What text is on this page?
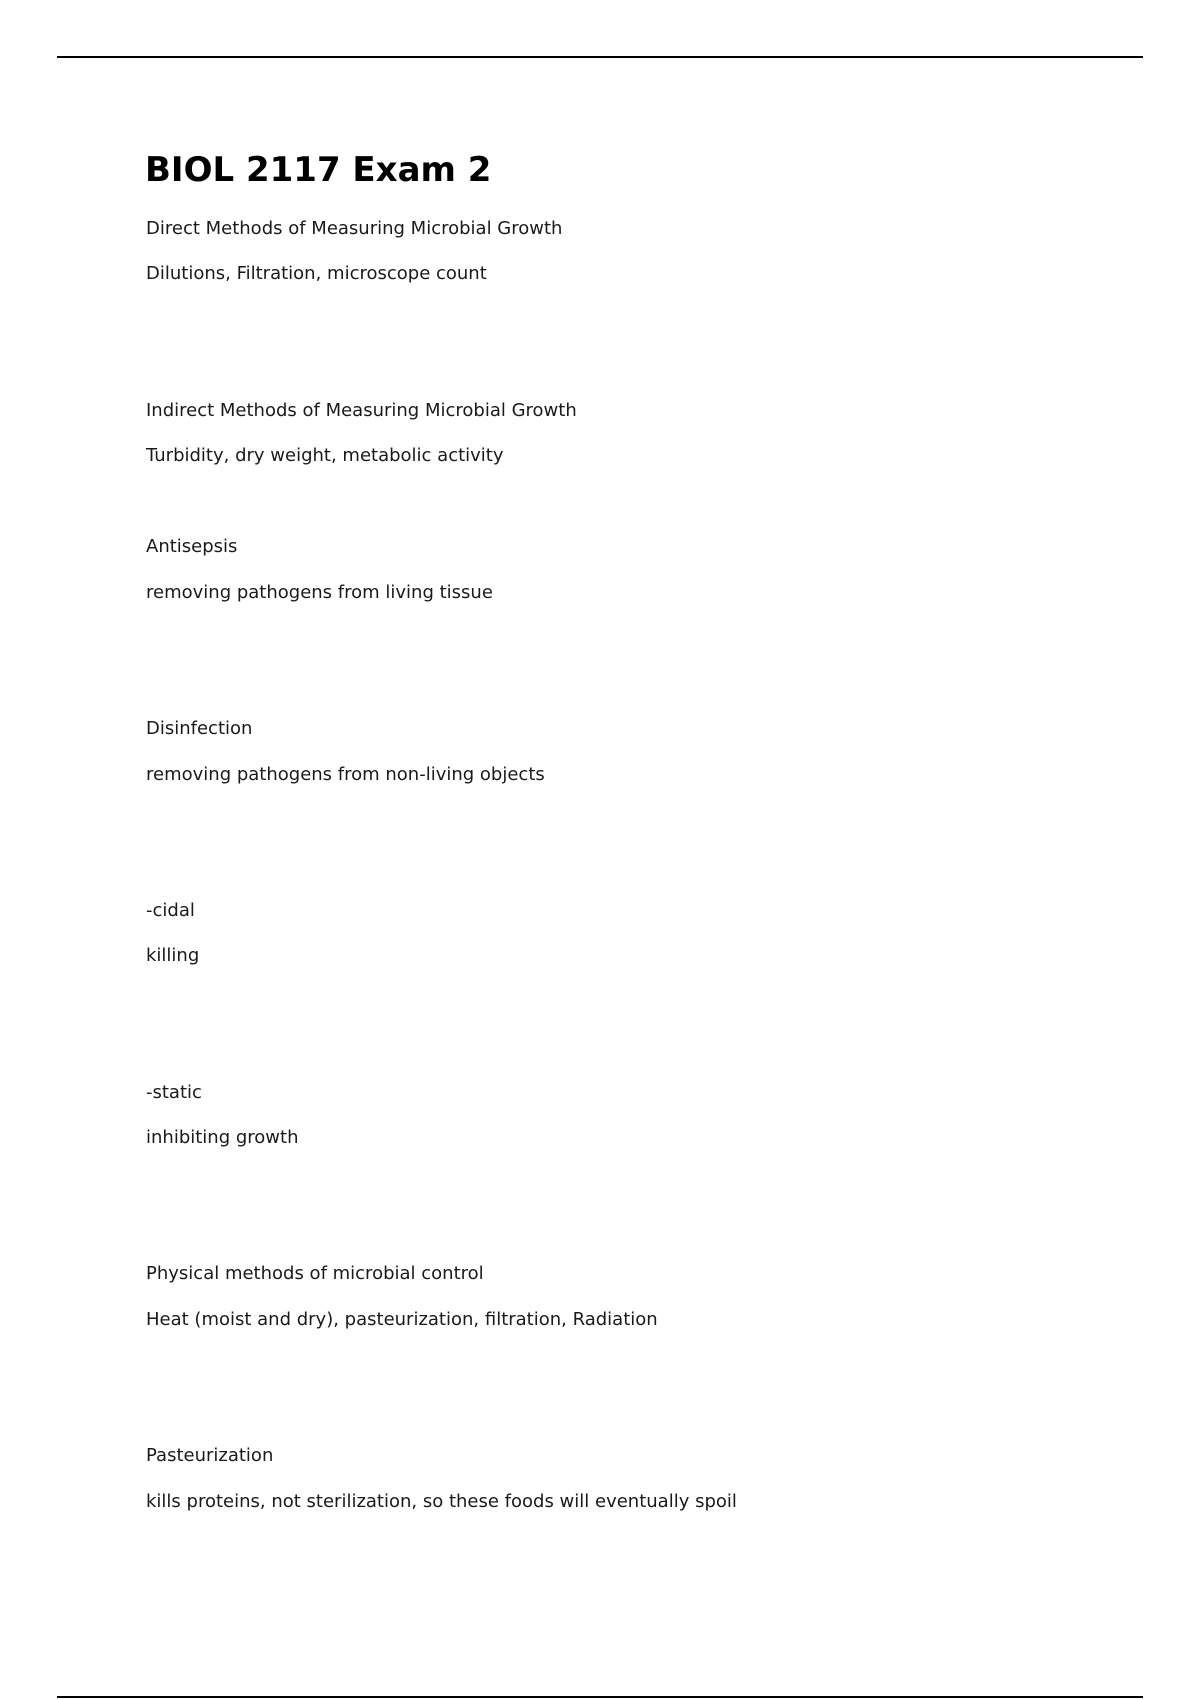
BIOL 2117 Exam 2

Direct Methods of Measuring Microbial Growth

Dilutions, Filtration, microscope count

Indirect Methods of Measuring Microbial Growth

Turbidity, dry weight, metabolic activity

Antisepsis

removing pathogens from living tissue

Disinfection

removing pathogens from non-living objects

-cidal

killing

-static

inhibiting growth

Physical methods of microbial control

Heat (moist and dry), pasteurization, filtration, Radiation

Pasteurization

kills proteins, not sterilization, so these foods will eventually spoil
